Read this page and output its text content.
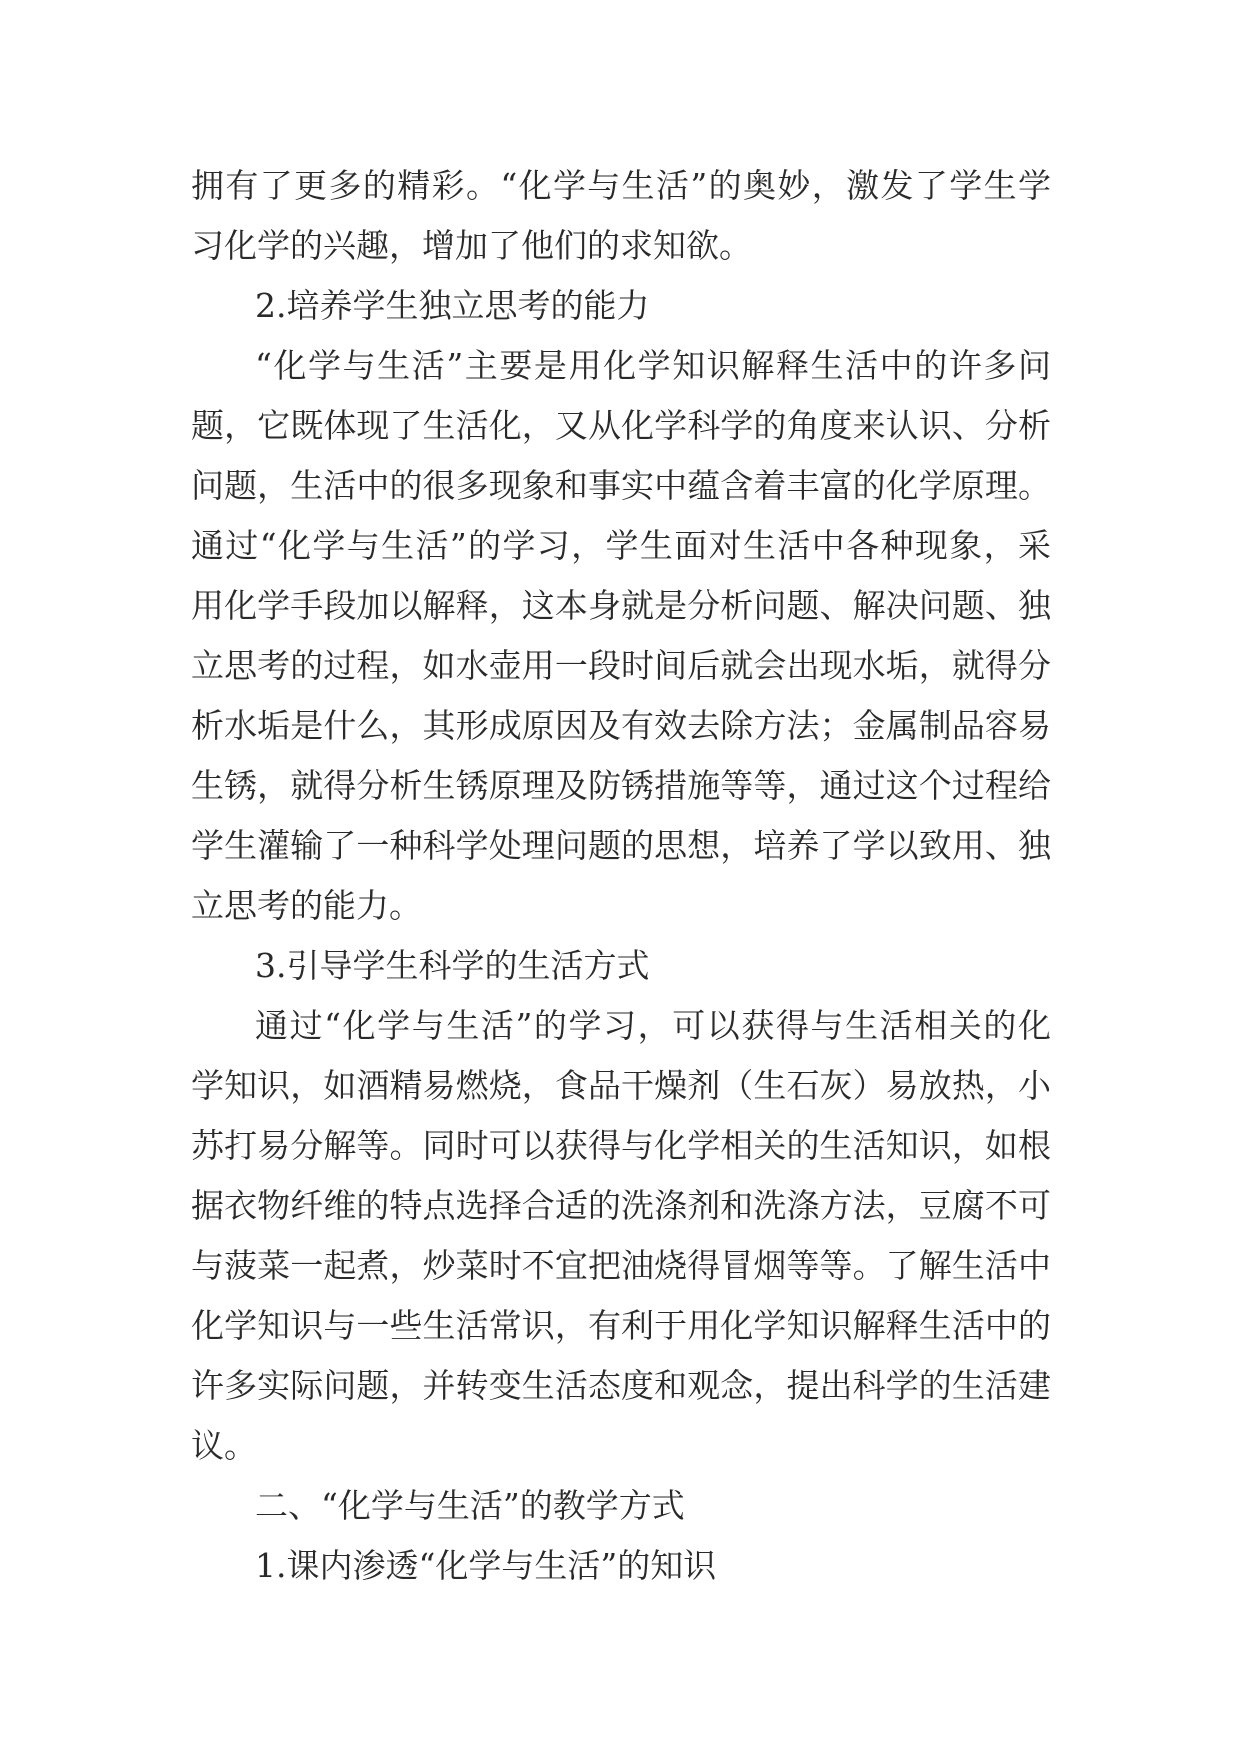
拥有了更多的精彩。“化学与生活”的奥妙，激发了学生学
习化学的兴趣，增加了他们的求知欲。
2.培养学生独立思考的能力
“化学与生活”主要是用化学知识解释生活中的许多问
题，它既体现了生活化，又从化学科学的角度来认识、分析
问题，生活中的很多现象和事实中蕴含着丰富的化学原理。
通过“化学与生活”的学习，学生面对生活中各种现象，采
用化学手段加以解释，这本身就是分析问题、解决问题、独
立思考的过程，如水壶用一段时间后就会出现水垢，就得分
析水垢是什么，其形成原因及有效去除方法；金属制品容易
生锈，就得分析生锈原理及防锈措施等等，通过这个过程给
学生灌输了一种科学处理问题的思想，培养了学以致用、独
立思考的能力。
3.引导学生科学的生活方式
通过“化学与生活”的学习，可以获得与生活相关的化
学知识，如酒精易燃烧，食品干燥剂（生石灰）易放热，小
苏打易分解等。同时可以获得与化学相关的生活知识，如根
据衣物纤维的特点选择合适的洗涤剂和洗涤方法，豆腐不可
与菠菜一起煮，炒菜时不宜把油烧得冒烟等等。了解生活中
化学知识与一些生活常识，有利于用化学知识解释生活中的
许多实际问题，并转变生活态度和观念，提出科学的生活建
议。
二、“化学与生活”的教学方式
1.课内渗透“化学与生活”的知识
